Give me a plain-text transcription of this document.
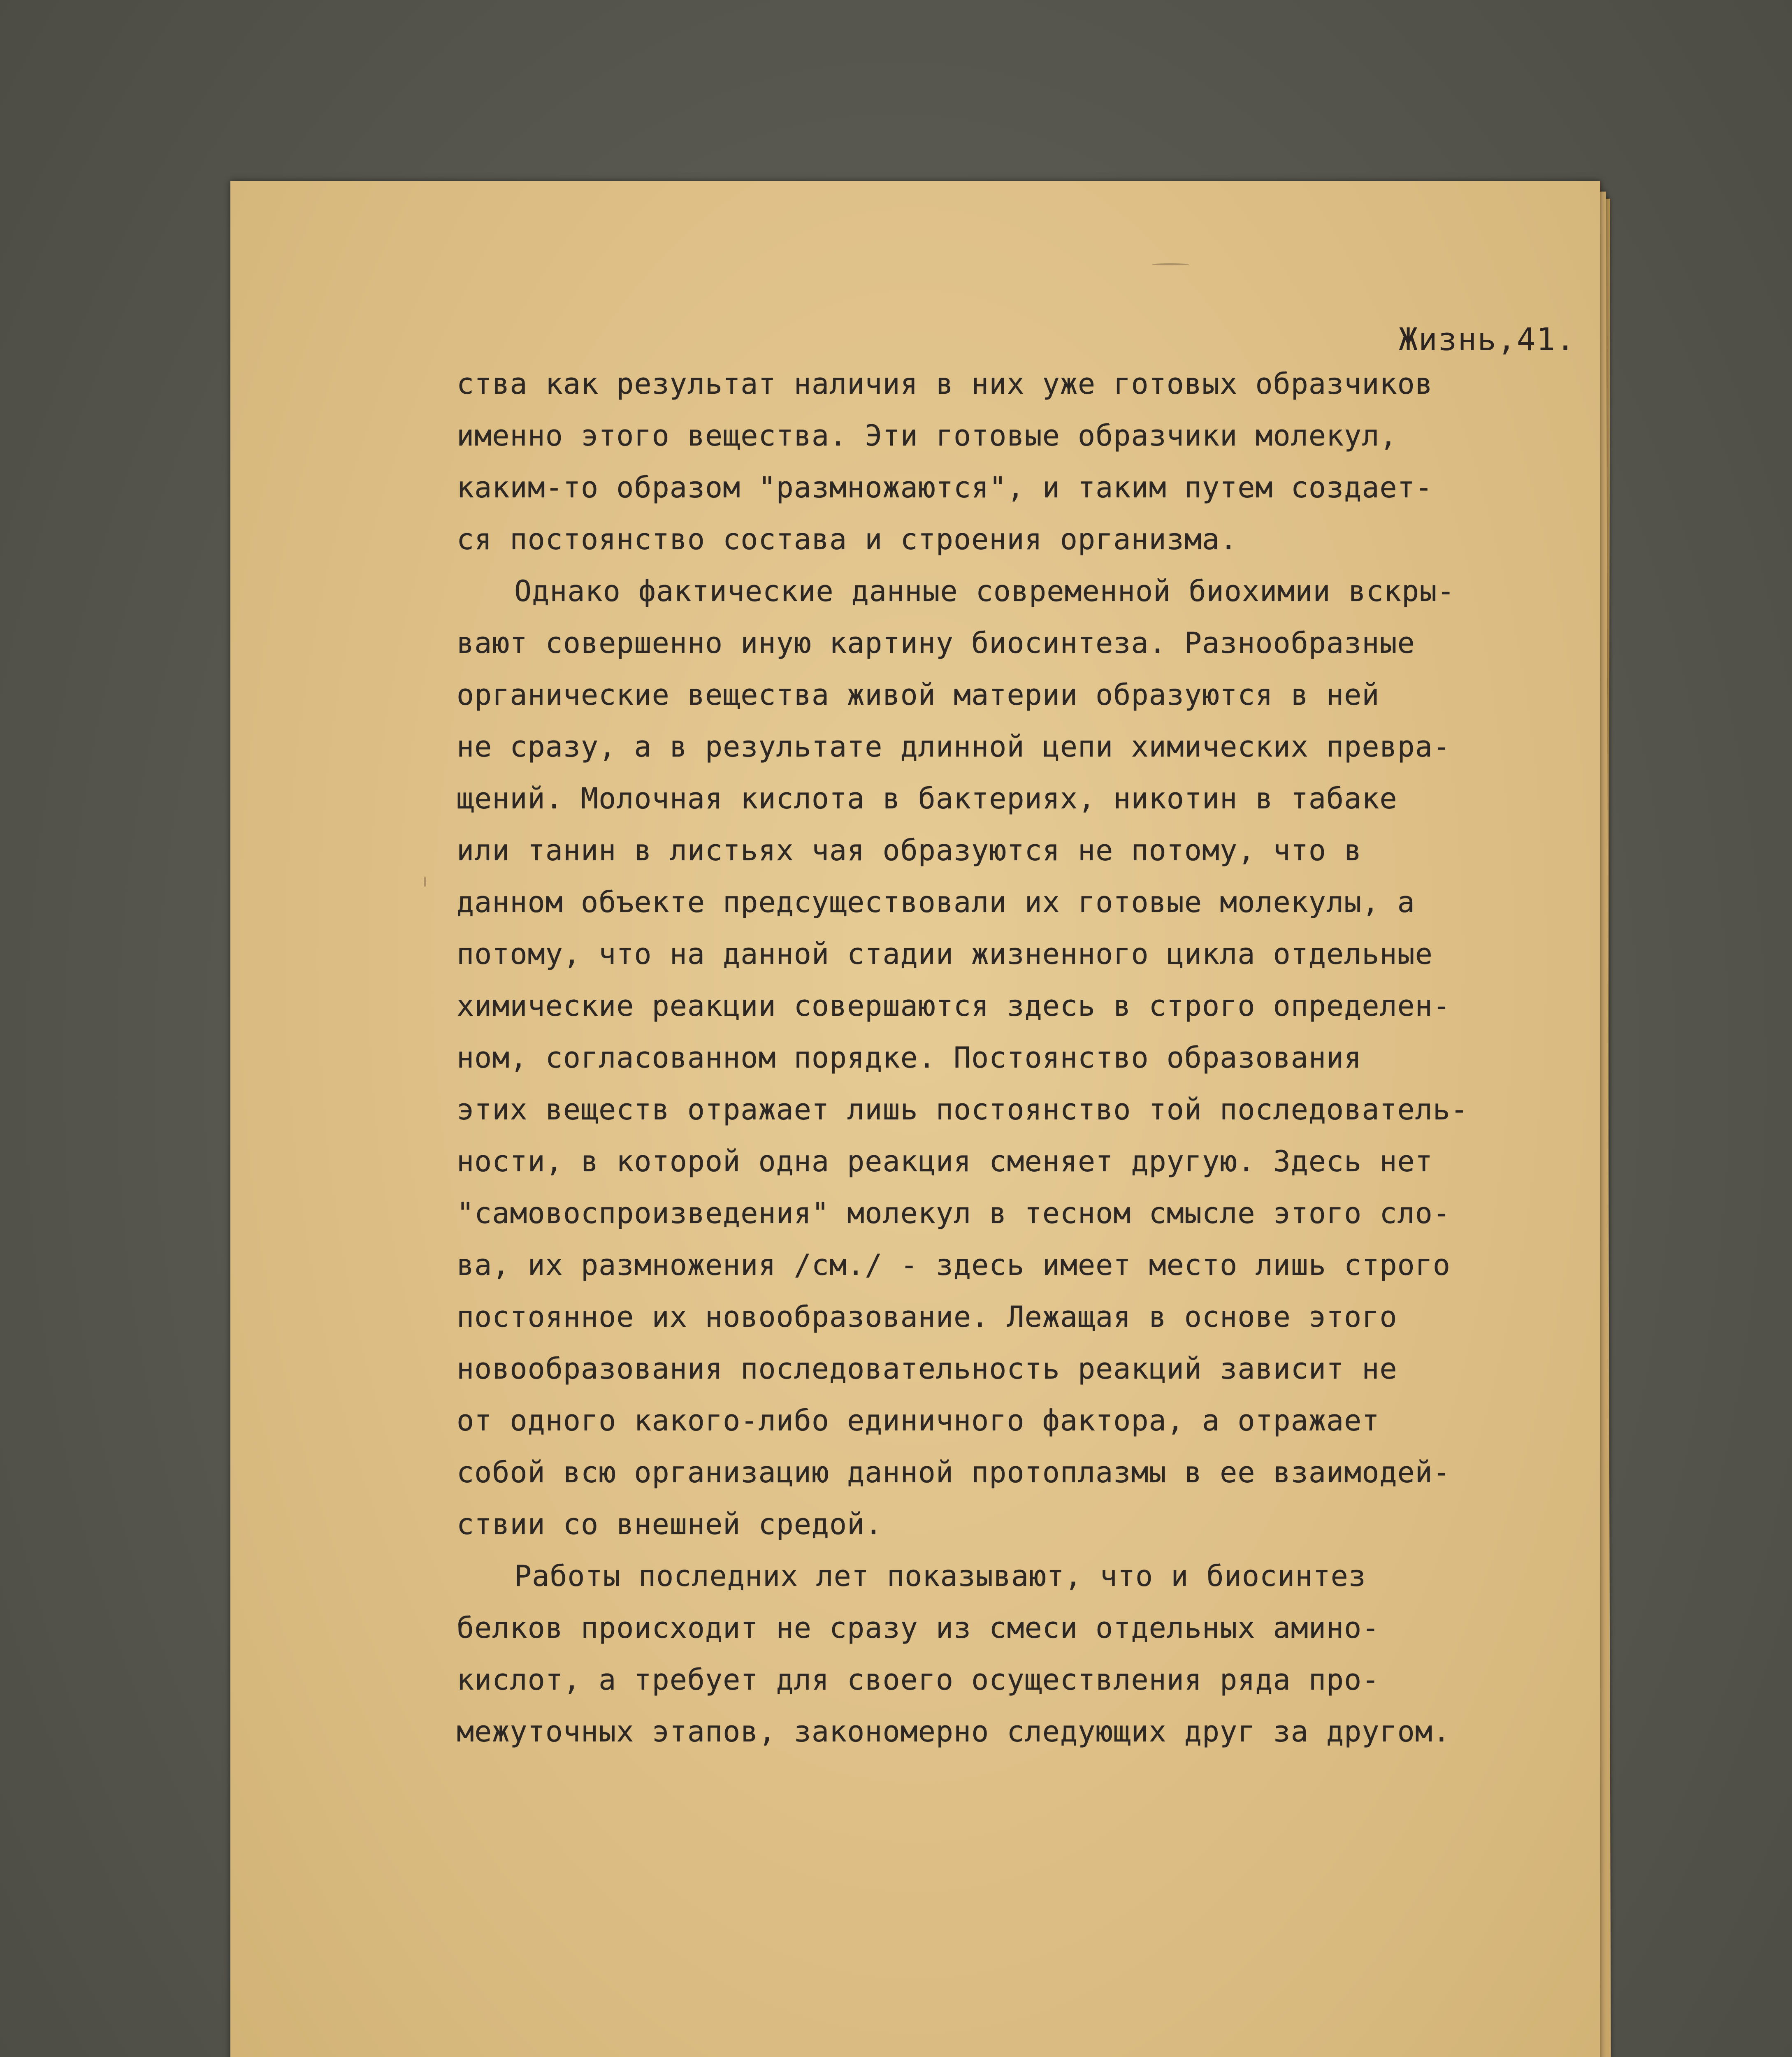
Жизнь,41.
ства как результат наличия в них уже готовых образчиков
именно этого вещества. Эти готовые образчики молекул,
каким-то образом "размножаются", и таким путем создает-
ся постоянство состава и строения организма.
Однако фактические данные современной биохимии вскры-
вают совершенно иную картину биосинтеза. Разнообразные
органические вещества живой материи образуются в ней
не сразу, а в результате длинной цепи химических превра-
щений. Молочная кислота в бактериях, никотин в табаке
или танин в листьях чая образуются не потому, что в
данном объекте предсуществовали их готовые молекулы, а
потому, что на данной стадии жизненного цикла отдельные
химические реакции совершаются здесь в строго определен-
ном, согласованном порядке. Постоянство образования
этих веществ отражает лишь постоянство той последователь-
ности, в которой одна реакция сменяет другую. Здесь нет
"самовоспроизведения" молекул в тесном смысле этого сло-
ва, их размножения /см./ - здесь имеет место лишь строго
постоянное их новообразование. Лежащая в основе этого
новообразования последовательность реакций зависит не
от одного какого-либо единичного фактора, а отражает
собой всю организацию данной протоплазмы в ее взаимодей-
ствии со внешней средой.
Работы последних лет показывают, что и биосинтез
белков происходит не сразу из смеси отдельных амино-
кислот, а требует для своего осуществления ряда про-
межуточных этапов, закономерно следующих друг за другом.
